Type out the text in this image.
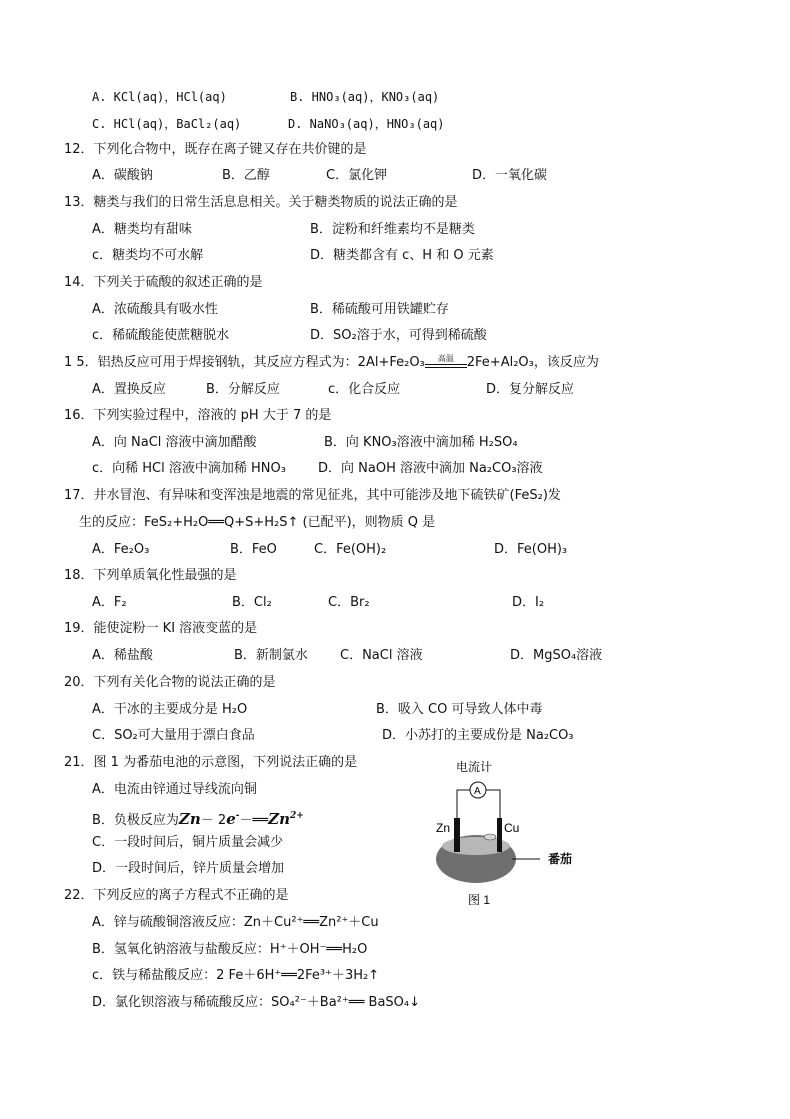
A. KCl(aq)，HCl(aq)	B. HNO₃(aq)，KNO₃(aq)
C. HCl(aq)，BaCl₂(aq)	D. NaNO₃(aq)，HNO₃(aq)
12．下列化合物中，既存在离子键又存在共价键的是
A．碳酸钠	B．乙醇	C．氯化钾	D．一氧化碳
13．糖类与我们的日常生活息息相关。关于糖类物质的说法正确的是
A．糖类均有甜味	B．淀粉和纤维素均不是糖类
c．糖类均不可水解	D．糖类都含有 c、H 和 O 元素
14．下列关于硫酸的叙述正确的是
A．浓硫酸具有吸水性	B．稀硫酸可用铁罐贮存
c．稀硫酸能使蔗糖脱水	D．SO₂溶于水，可得到稀硫酸
1 5．铝热反应可用于焊接钢轨，其反应方程式为：2Al+Fe₂O₃	高温	2Fe+Al₂O₃，该反应为
A．置换反应	B．分解反应	c．化合反应	D．复分解反应
16．下列实验过程中，溶液的 pH 大于 7 的是
A．向 NaCl 溶液中滴加醋酸	B．向 KNO₃溶液中滴加稀 H₂SO₄
c．向稀 HCl 溶液中滴加稀 HNO₃ D．向 NaOH 溶液中滴加 Na₂CO₃溶液
17．井水冒泡、有异味和变浑浊是地震的常见征兆，其中可能涉及地下硫铁矿(FeS₂)发
生的反应：FeS₂+H₂O══Q+S+H₂S↑ (已配平)，则物质 Q 是
A．Fe₂O₃	B．FeO	C．Fe(OH)₂	D．Fe(OH)₃
18．下列单质氧化性最强的是
A．F₂	B．Cl₂	C．Br₂	D．I₂
19．能使淀粉一 KI 溶液变蓝的是
A．稀盐酸	B．新制氯水 C．NaCl 溶液	D．MgSO₄溶液
20．下列有关化合物的说法正确的是
A．干冰的主要成分是 H₂O	B．吸入 CO 可导致人体中毒
C．SO₂可大量用于漂白食品	D．小苏打的主要成份是 Na₂CO₃
21．图 1 为番茄电池的示意图，下列说法正确的是
A．电流由锌通过导线流向铜
B．负极反应为$Zn- 2e^--══Zn^{2+}$
C．一段时间后，铜片质量会减少
D．一段时间后，锌片质量会增加
电流计
A
Zn	Cu
番茄
图 1
22．下列反应的离子方程式不正确的是
A．锌与硫酸铜溶液反应：Zn＋Cu²⁺══Zn²⁺＋Cu
B．氢氧化钠溶液与盐酸反应：H⁺＋OH⁻══H₂O
c．铁与稀盐酸反应：2 Fe＋6H⁺══2Fe³⁺＋3H₂↑
D．氯化钡溶液与稀硫酸反应：SO₄²⁻＋Ba²⁺══ BaSO₄↓
